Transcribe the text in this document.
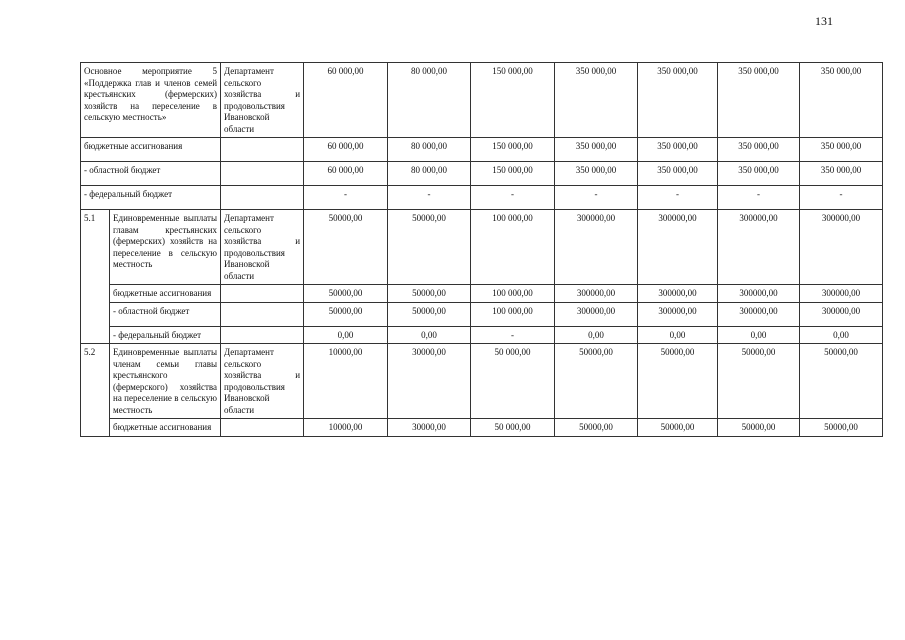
131
Основное мероприятие 5 «Поддержка глав и членов семей крестьянских (фермерских) хозяйств на переселение в сельскую местность»		Департамент сельского хозяйства и продовольствия Ивановской области	60 000,00	80 000,00	150 000,00	350 000,00	350 000,00	350 000,00	350 000,00
бюджетные ассигнования			60 000,00	80 000,00	150 000,00	350 000,00	350 000,00	350 000,00	350 000,00
- областной бюджет			60 000,00	80 000,00	150 000,00	350 000,00	350 000,00	350 000,00	350 000,00
- федеральный бюджет			-	-	-	-	-	-	-
5.1	Единовременные выплаты главам крестьянских (фермерских) хозяйств на переселение в сельскую местность	Департамент сельского хозяйства и продовольствия Ивановской области	50000,00	50000,00	100 000,00	300000,00	300000,00	300000,00	300000,00
	бюджетные ассигнования		50000,00	50000,00	100 000,00	300000,00	300000,00	300000,00	300000,00
	- областной бюджет		50000,00	50000,00	100 000,00	300000,00	300000,00	300000,00	300000,00
	- федеральный бюджет		0,00	0,00	-	0,00	0,00	0,00	0,00
5.2	Единовременные выплаты членам семьи главы крестьянского (фермерского) хозяйства на переселение в сельскую местность	Департамент сельского хозяйства и продовольствия Ивановской области	10000,00	30000,00	50 000,00	50000,00	50000,00	50000,00	50000,00
	бюджетные ассигнования		10000,00	30000,00	50 000,00	50000,00	50000,00	50000,00	50000,00
